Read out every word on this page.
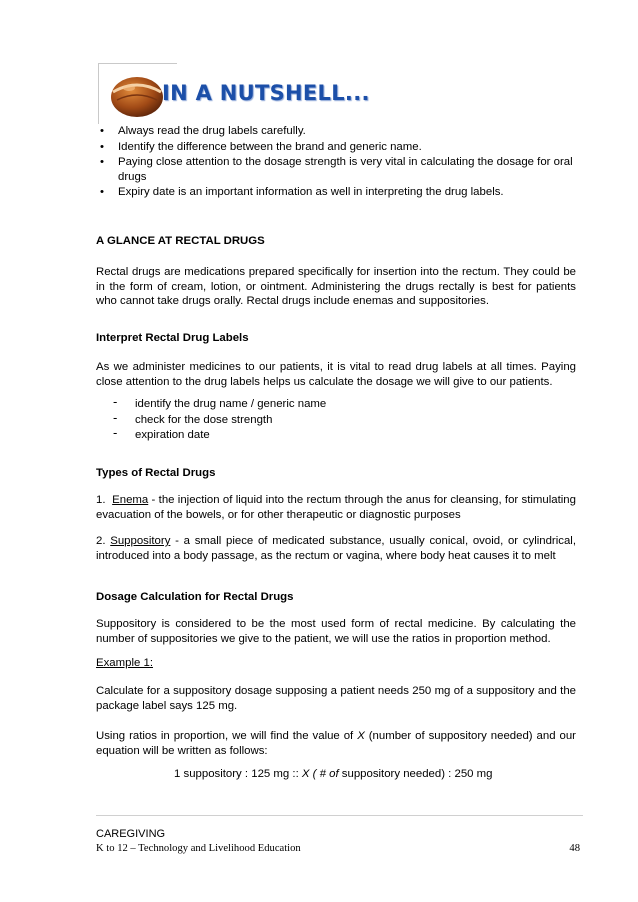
IN A NUTSHELL...
• Always read the drug labels carefully.
• Identify the difference between the brand and generic name.
• Paying close attention to the dosage strength is very vital in calculating the dosage for oral drugs
• Expiry date is an important information as well in interpreting the drug labels.
A GLANCE AT RECTAL DRUGS
Rectal drugs are medications prepared specifically for insertion into the rectum. They could be in the form of cream, lotion, or ointment. Administering the drugs rectally is best for patients who cannot take drugs orally. Rectal drugs include enemas and suppositories.
Interpret Rectal Drug Labels
As we administer medicines to our patients, it is vital to read drug labels at all times. Paying close attention to the drug labels helps us calculate the dosage we will give to our patients.
- identify the drug name / generic name
- check for the dose strength
- expiration date
Types of Rectal Drugs
1. Enema - the injection of liquid into the rectum through the anus for cleansing, for stimulating evacuation of the bowels, or for other therapeutic or diagnostic purposes
2. Suppository - a small piece of medicated substance, usually conical, ovoid, or cylindrical, introduced into a body passage, as the rectum or vagina, where body heat causes it to melt
Dosage Calculation for Rectal Drugs
Suppository is considered to be the most used form of rectal medicine. By calculating the number of suppositories we give to the patient, we will use the ratios in proportion method.
Example 1:
Calculate for a suppository dosage supposing a patient needs 250 mg of a suppository and the package label says 125 mg.
Using ratios in proportion, we will find the value of X (number of suppository needed) and our equation will be written as follows:
1 suppository : 125 mg :: X ( # of suppository needed) : 250 mg
CAREGIVING
K to 12 – Technology and Livelihood Education	48
